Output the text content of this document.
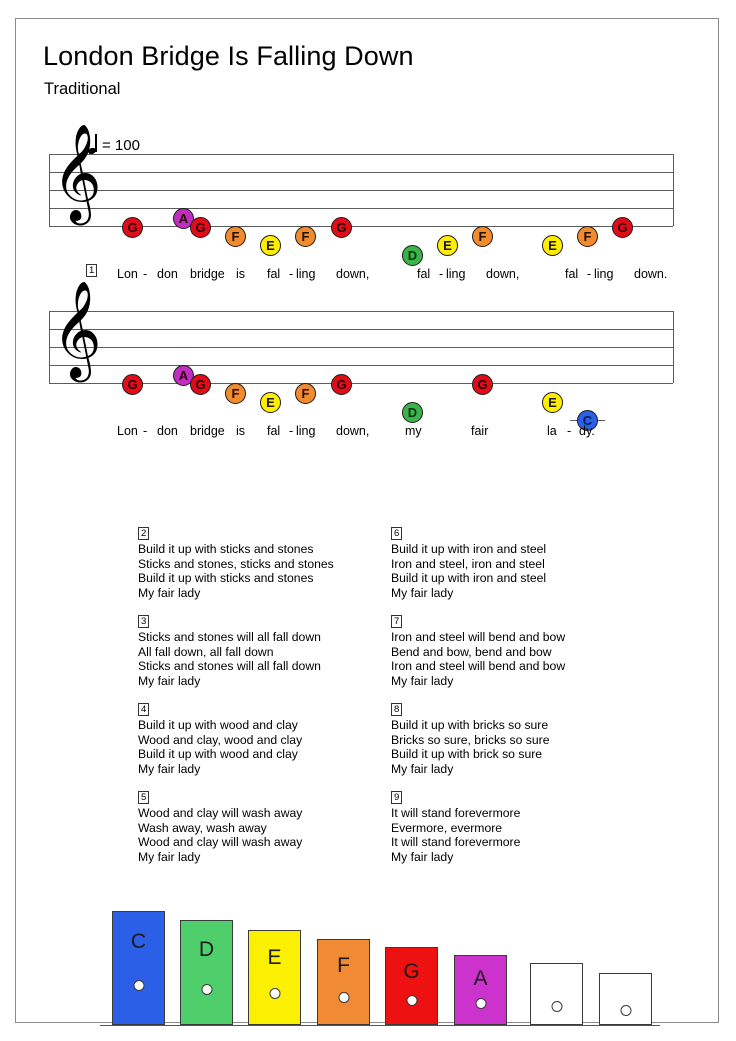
London Bridge Is Falling Down
Traditional
= 100
𝄞
G
A
G
F
E
F
G
D
E
F
E
F
G
1 Lon - don bridge is fal - ling down,	fal - ling down,	fal - ling down.
𝄞
G
A
G
F
E
F
G
D
G
E
C
Lon - don bridge is fal - ling down,	my	fair	la - dy.
2
Build it up with sticks and stones
Sticks and stones, sticks and stones
Build it up with sticks and stones
My fair lady
3
Sticks and stones will all fall down
All fall down, all fall down
Sticks and stones will all fall down
My fair lady
4
Build it up with wood and clay
Wood and clay, wood and clay
Build it up with wood and clay
My fair lady
5
Wood and clay will wash away
Wash away, wash away
Wood and clay will wash away
My fair lady
6
Build it up with iron and steel
Iron and steel, iron and steel
Build it up with iron and steel
My fair lady
7
Iron and steel will bend and bow
Bend and bow, bend and bow
Iron and steel will bend and bow
My fair lady
8
Build it up with bricks so sure
Bricks so sure, bricks so sure
Build it up with brick so sure
My fair lady
9
It will stand forevermore
Evermore, evermore
It will stand forevermore
My fair lady
C	D	E	F	G	A
